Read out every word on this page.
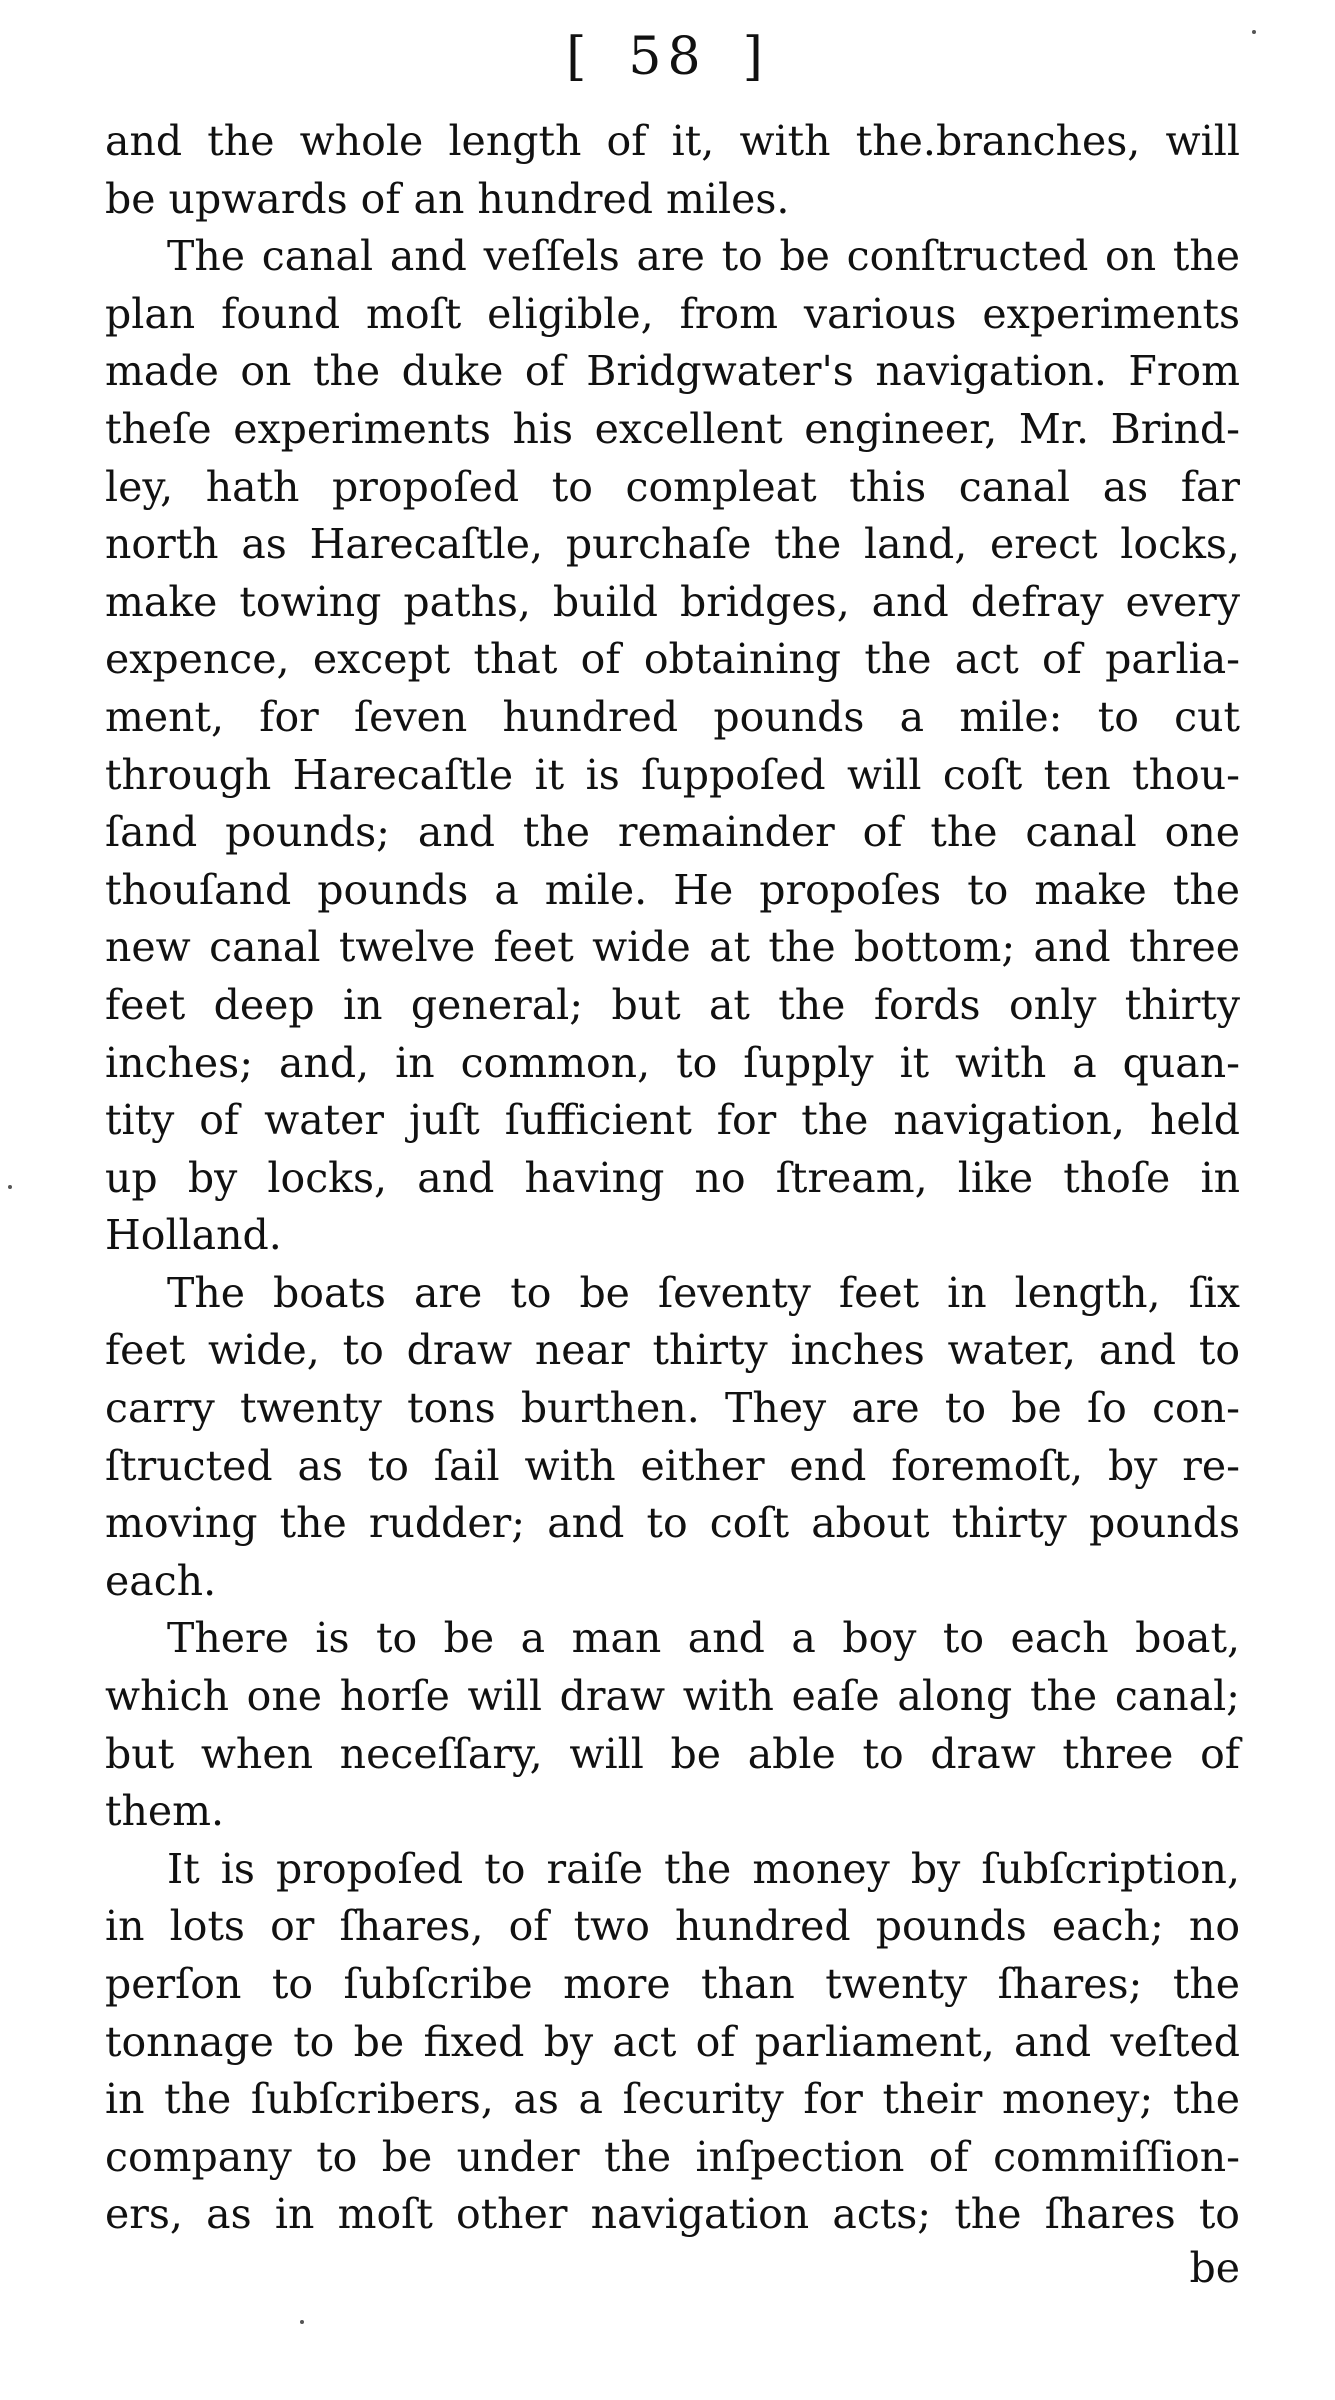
[ 58 ]
and the whole length of it, with the.branches, will
be upwards of an hundred miles.
The canal and veſſels are to be conſtructed on the
plan found moſt eligible, from various experiments
made on the duke of Bridgwater's navigation. From
theſe experiments his excellent engineer, Mr. Brind-
ley, hath propoſed to compleat this canal as far
north as Harecaſtle, purchaſe the land, erect locks,
make towing paths, build bridges, and defray every
expence, except that of obtaining the act of parlia-
ment, for ſeven hundred pounds a mile: to cut
through Harecaſtle it is ſuppoſed will coſt ten thou-
ſand pounds; and the remainder of the canal one
thouſand pounds a mile. He propoſes to make the
new canal twelve feet wide at the bottom; and three
feet deep in general; but at the fords only thirty
inches; and, in common, to ſupply it with a quan-
tity of water juſt ſufficient for the navigation, held
up by locks, and having no ſtream, like thoſe in
Holland.
The boats are to be ſeventy feet in length, ſix
feet wide, to draw near thirty inches water, and to
carry twenty tons burthen. They are to be ſo con-
ſtructed as to ſail with either end foremoſt, by re-
moving the rudder; and to coſt about thirty pounds
each.
There is to be a man and a boy to each boat,
which one horſe will draw with eaſe along the canal;
but when neceſſary, will be able to draw three of
them.
It is propoſed to raiſe the money by ſubſcription,
in lots or ſhares, of two hundred pounds each; no
perſon to ſubſcribe more than twenty ſhares; the
tonnage to be fixed by act of parliament, and veſted
in the ſubſcribers, as a ſecurity for their money; the
company to be under the inſpection of commiſſion-
ers, as in moſt other navigation acts; the ſhares to
be
